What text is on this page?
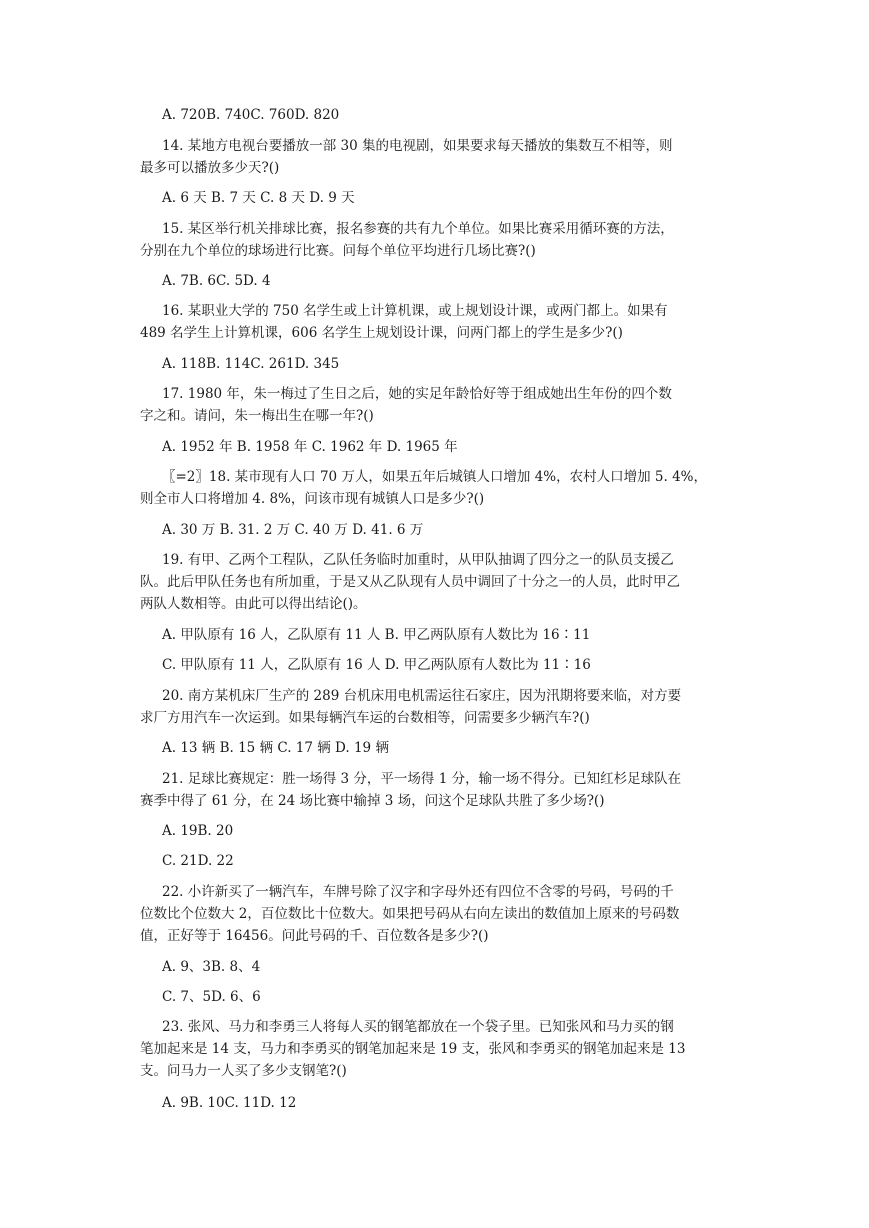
A. 720B. 740C. 760D. 820
14. 某地方电视台要播放一部 30 集的电视剧，如果要求每天播放的集数互不相等，则
最多可以播放多少天?()
A. 6 天 B. 7 天 C. 8 天 D. 9 天
15. 某区举行机关排球比赛，报名参赛的共有九个单位。如果比赛采用循环赛的方法，
分别在九个单位的球场进行比赛。问每个单位平均进行几场比赛?()
A. 7B. 6C. 5D. 4
16. 某职业大学的 750 名学生或上计算机课，或上规划设计课，或两门都上。如果有
489 名学生上计算机课，606 名学生上规划设计课，问两门都上的学生是多少?()
A. 118B. 114C. 261D. 345
17. 1980 年，朱一梅过了生日之后，她的实足年龄恰好等于组成她出生年份的四个数
字之和。请问，朱一梅出生在哪一年?()
A. 1952 年 B. 1958 年 C. 1962 年 D. 1965 年
〖=2〗18. 某市现有人口 70 万人，如果五年后城镇人口增加 4%，农村人口增加 5. 4%，
则全市人口将增加 4. 8%，问该市现有城镇人口是多少?()
A. 30 万 B. 31. 2 万 C. 40 万 D. 41. 6 万
19. 有甲、乙两个工程队，乙队任务临时加重时，从甲队抽调了四分之一的队员支援乙
队。此后甲队任务也有所加重，于是又从乙队现有人员中调回了十分之一的人员，此时甲乙
两队人数相等。由此可以得出结论()。
A. 甲队原有 16 人，乙队原有 11 人 B. 甲乙两队原有人数比为 16∶11
C. 甲队原有 11 人，乙队原有 16 人 D. 甲乙两队原有人数比为 11∶16
20. 南方某机床厂生产的 289 台机床用电机需运往石家庄，因为汛期将要来临，对方要
求厂方用汽车一次运到。如果每辆汽车运的台数相等，问需要多少辆汽车?()
A. 13 辆 B. 15 辆 C. 17 辆 D. 19 辆
21. 足球比赛规定：胜一场得 3 分，平一场得 1 分，输一场不得分。已知红杉足球队在
赛季中得了 61 分，在 24 场比赛中输掉 3 场，问这个足球队共胜了多少场?()
A. 19B. 20
C. 21D. 22
22. 小许新买了一辆汽车，车牌号除了汉字和字母外还有四位不含零的号码，号码的千
位数比个位数大 2，百位数比十位数大。如果把号码从右向左读出的数值加上原来的号码数
值，正好等于 16456。问此号码的千、百位数各是多少?()
A. 9、3B. 8、4
C. 7、5D. 6、6
23. 张风、马力和李勇三人将每人买的钢笔都放在一个袋子里。已知张风和马力买的钢
笔加起来是 14 支，马力和李勇买的钢笔加起来是 19 支，张风和李勇买的钢笔加起来是 13
支。问马力一人买了多少支钢笔?()
A. 9B. 10C. 11D. 12
